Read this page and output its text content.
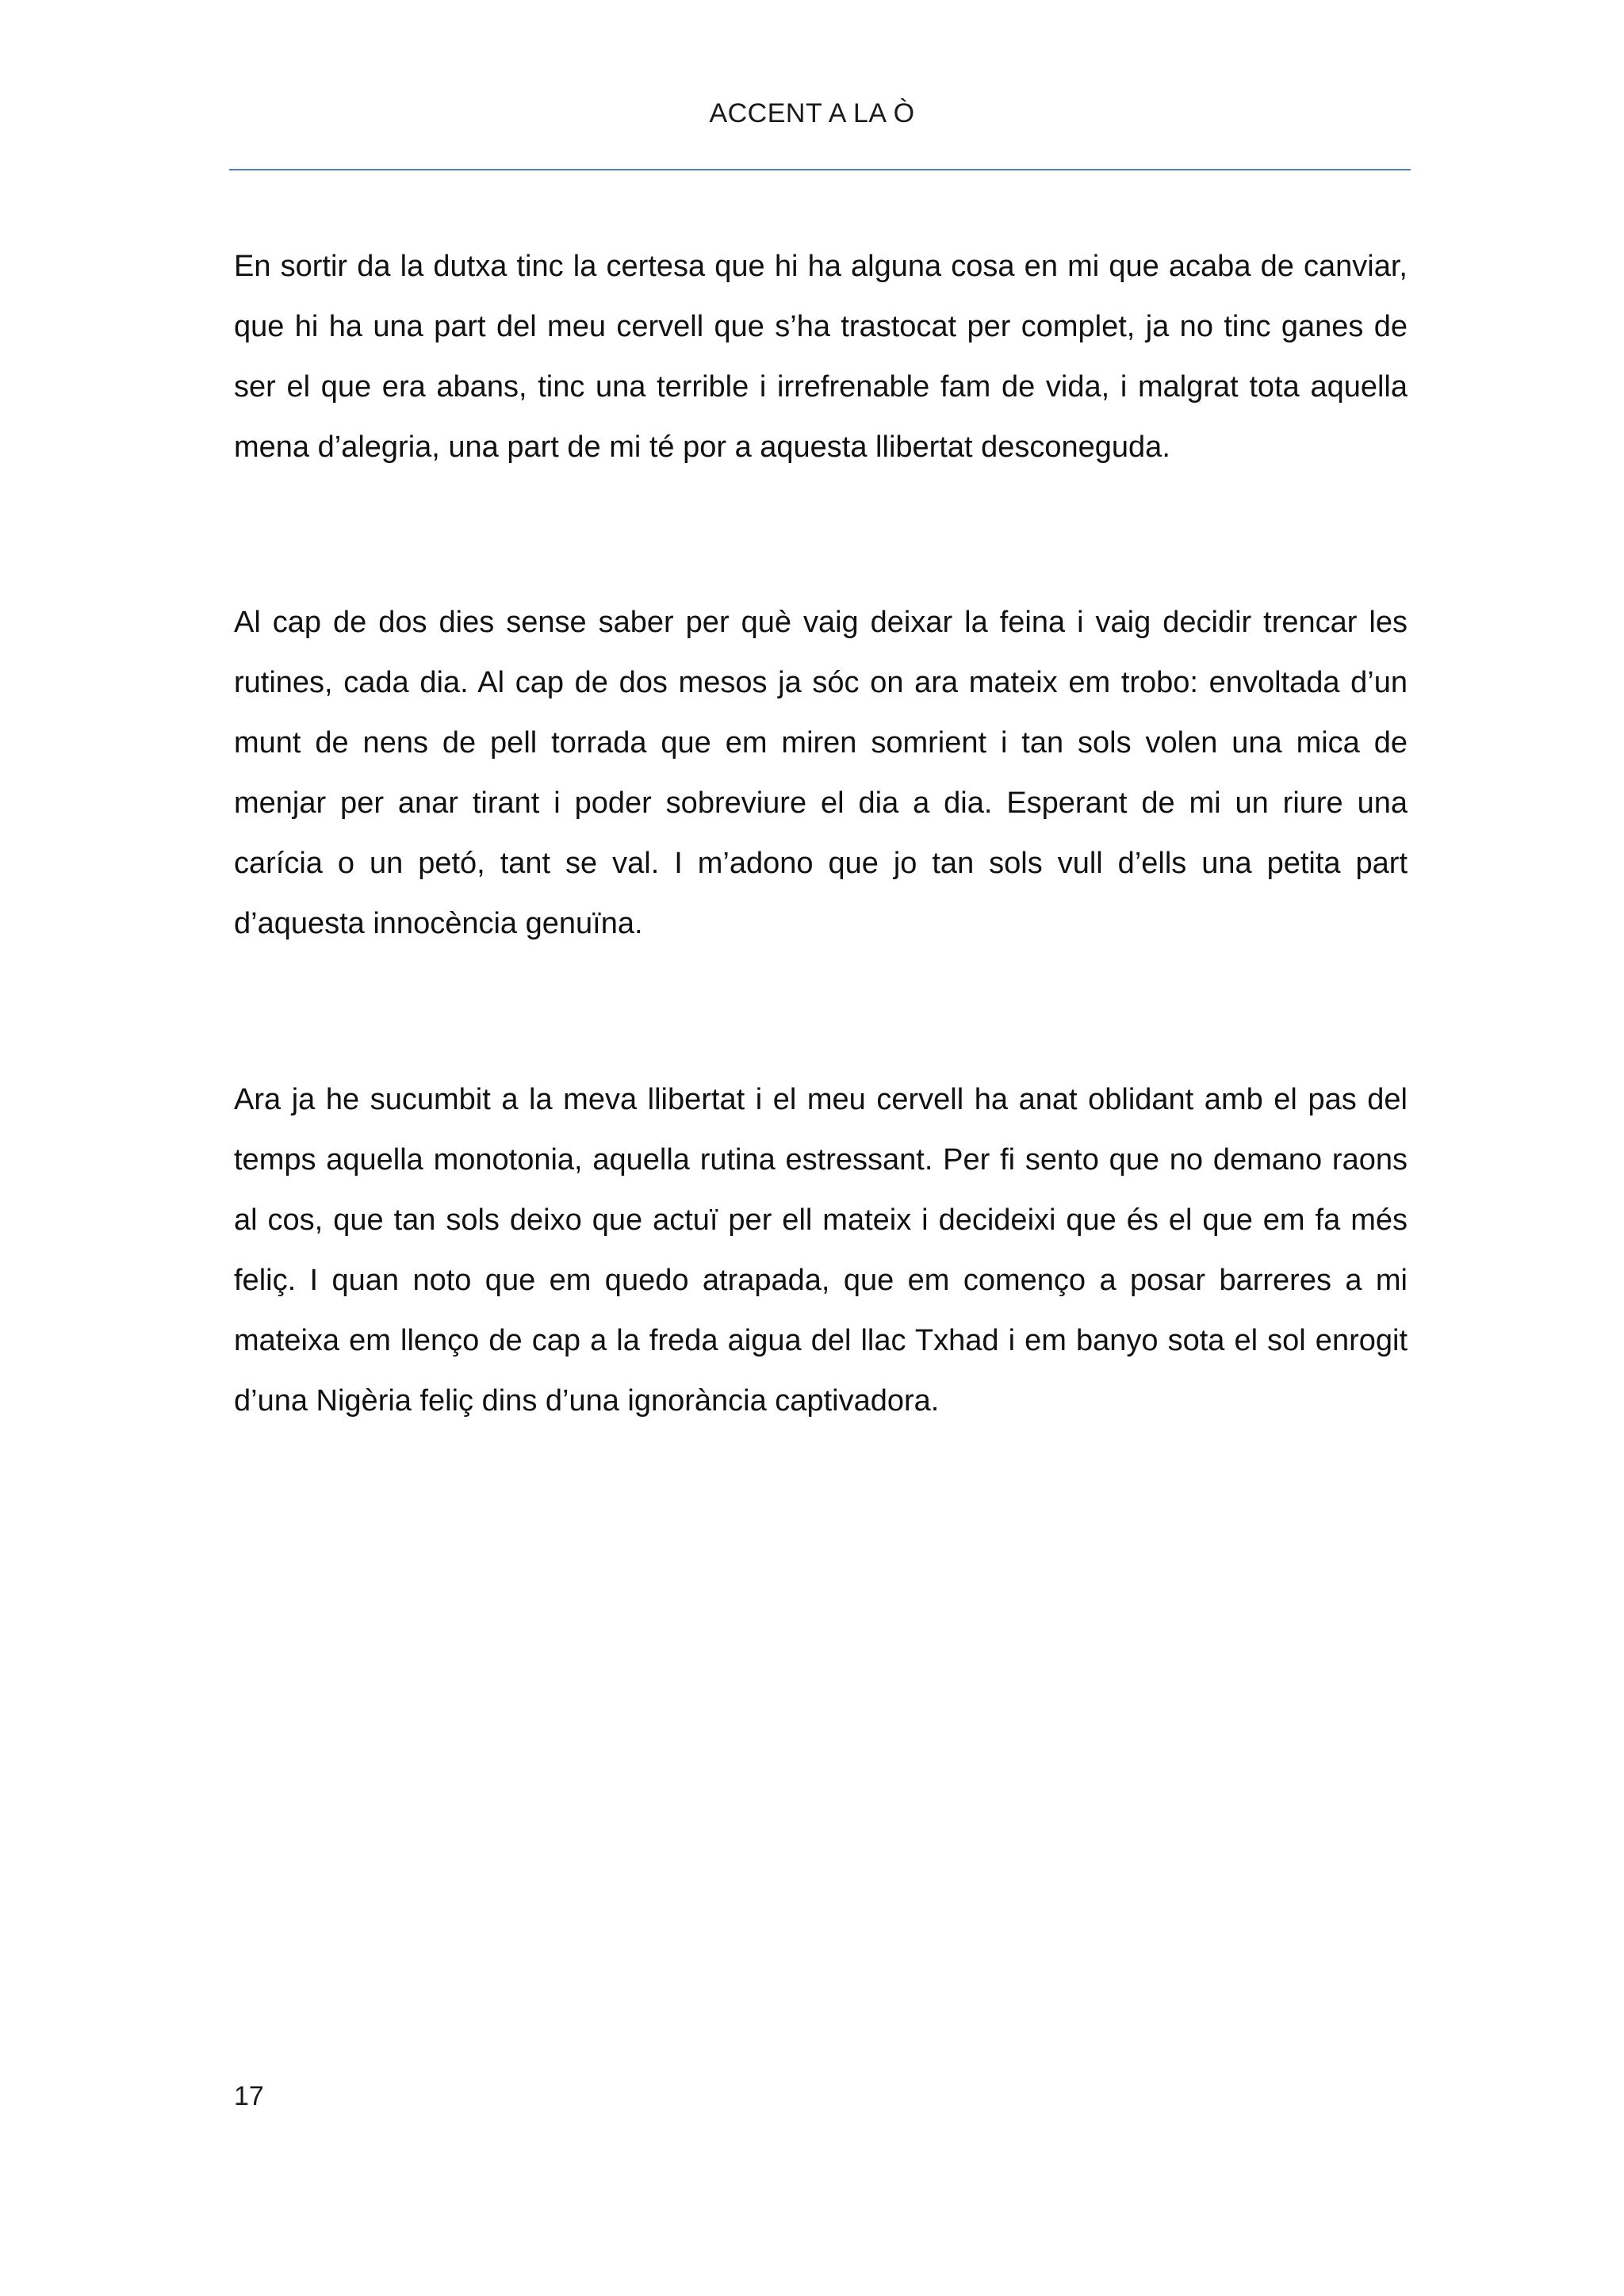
ACCENT A LA Ò

En sortir da la dutxa tinc la certesa que hi ha alguna cosa en mi que acaba de canviar, que hi ha una part del meu cervell que s’ha trastocat per complet, ja no tinc ganes de ser el que era abans, tinc una terrible i irrefrenable fam de vida, i malgrat tota aquella mena d’alegria, una part de mi té por a aquesta llibertat desconeguda.

Al cap de dos dies sense saber per què vaig deixar la feina i vaig decidir trencar les rutines, cada dia. Al cap de dos mesos ja sóc on ara mateix em trobo: envoltada d’un munt de nens de pell torrada que em miren somrient i tan sols volen una mica de menjar per anar tirant i poder sobreviure el dia a dia. Esperant de mi un riure una carícia o un petó, tant se val. I m’adono que jo tan sols vull d’ells una petita part d’aquesta innocència genuïna.

Ara ja he sucumbit a la meva llibertat i el meu cervell ha anat oblidant amb el pas del temps aquella monotonia, aquella rutina estressant. Per fi sento que no demano raons al cos, que tan sols deixo que actuï per ell mateix i decideixi que és el que em fa més feliç. I quan noto que em quedo atrapada, que em començo a posar barreres a mi mateixa em llenço de cap a la freda aigua del llac Txhad i em banyo sota el sol enrogit d’una Nigèria feliç dins d’una ignorància captivadora.

17
